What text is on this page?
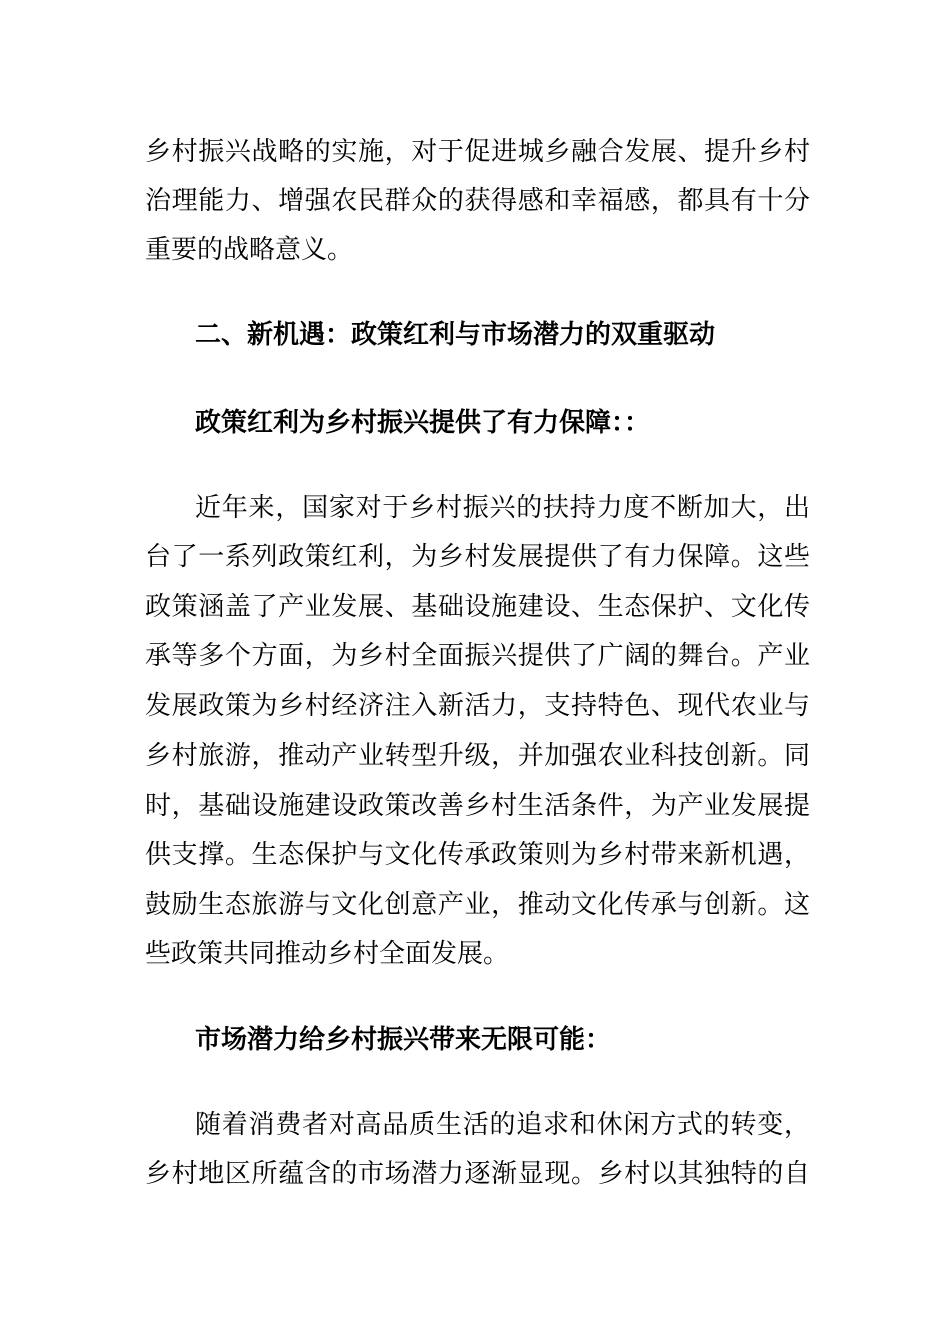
乡村振兴战略的实施，对于促进城乡融合发展、提升乡村
治理能力、增强农民群众的获得感和幸福感，都具有十分
重要的战略意义。
二、新机遇：政策红利与市场潜力的双重驱动
政策红利为乡村振兴提供了有力保障：：
近年来，国家对于乡村振兴的扶持力度不断加大，出
台了一系列政策红利，为乡村发展提供了有力保障。这些
政策涵盖了产业发展、基础设施建设、生态保护、文化传
承等多个方面，为乡村全面振兴提供了广阔的舞台。产业
发展政策为乡村经济注入新活力，支持特色、现代农业与
乡村旅游，推动产业转型升级，并加强农业科技创新。同
时，基础设施建设政策改善乡村生活条件，为产业发展提
供支撑。生态保护与文化传承政策则为乡村带来新机遇，
鼓励生态旅游与文化创意产业，推动文化传承与创新。这
些政策共同推动乡村全面发展。
市场潜力给乡村振兴带来无限可能：
随着消费者对高品质生活的追求和休闲方式的转变，
乡村地区所蕴含的市场潜力逐渐显现。乡村以其独特的自
